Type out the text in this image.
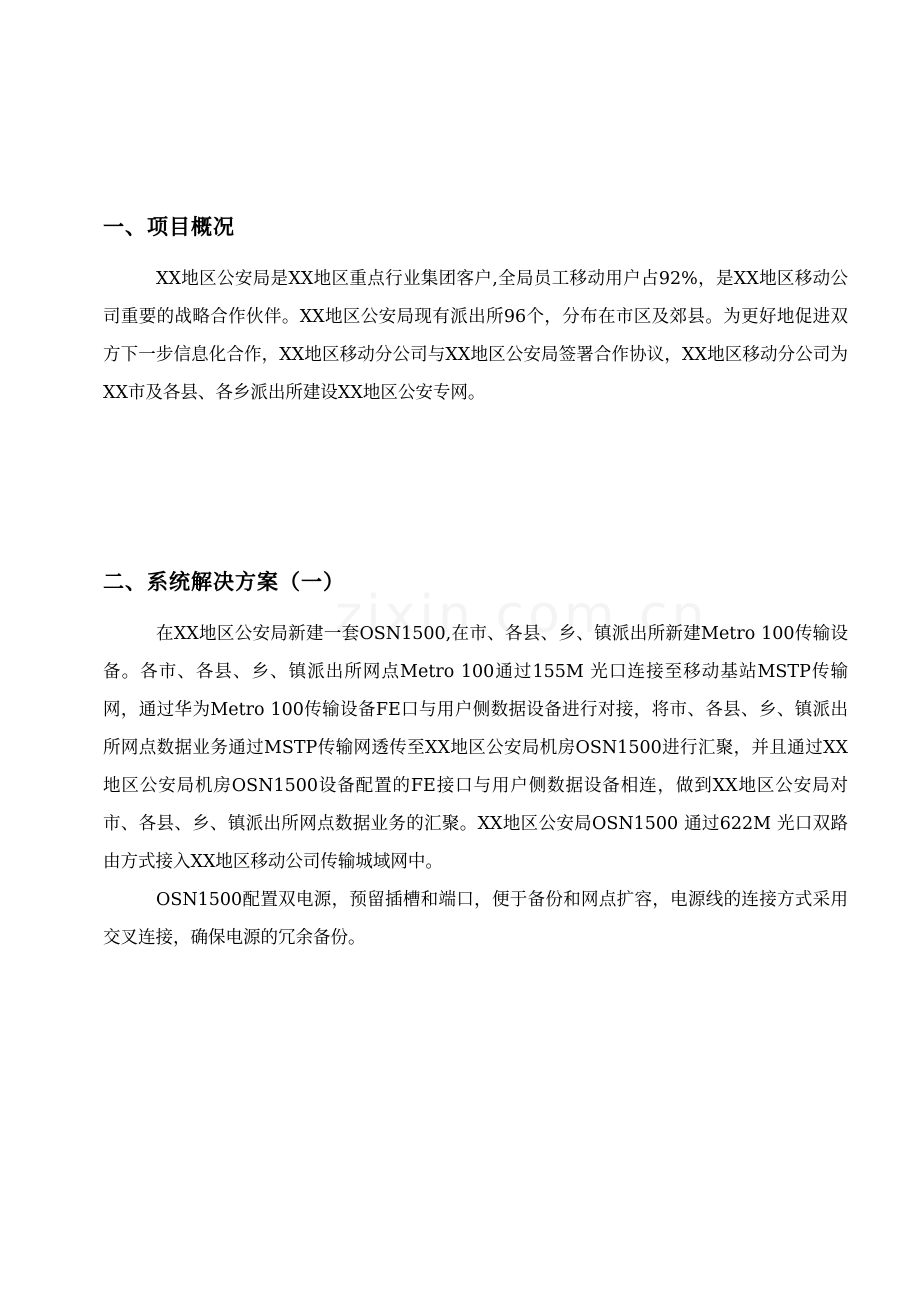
一、项目概况

XX地区公安局是XX地区重点行业集团客户,全局员工移动用户占92%，是XX地区移动公司重要的战略合作伙伴。XX地区公安局现有派出所96个，分布在市区及郊县。为更好地促进双方下一步信息化合作，XX地区移动分公司与XX地区公安局签署合作协议，XX地区移动分公司为XX市及各县、各乡派出所建设XX地区公安专网。

二、系统解决方案（一）

在XX地区公安局新建一套OSN1500,在市、各县、乡、镇派出所新建Metro 100传输设备。各市、各县、乡、镇派出所网点Metro 100通过155M 光口连接至移动基站MSTP传输网，通过华为Metro 100传输设备FE口与用户侧数据设备进行对接，将市、各县、乡、镇派出所网点数据业务通过MSTP传输网透传至XX地区公安局机房OSN1500进行汇聚，并且通过XX地区公安局机房OSN1500设备配置的FE接口与用户侧数据设备相连，做到XX地区公安局对市、各县、乡、镇派出所网点数据业务的汇聚。XX地区公安局OSN1500 通过622M 光口双路由方式接入XX地区移动公司传输城域网中。

OSN1500配置双电源，预留插槽和端口，便于备份和网点扩容，电源线的连接方式采用交叉连接，确保电源的冗余备份。
